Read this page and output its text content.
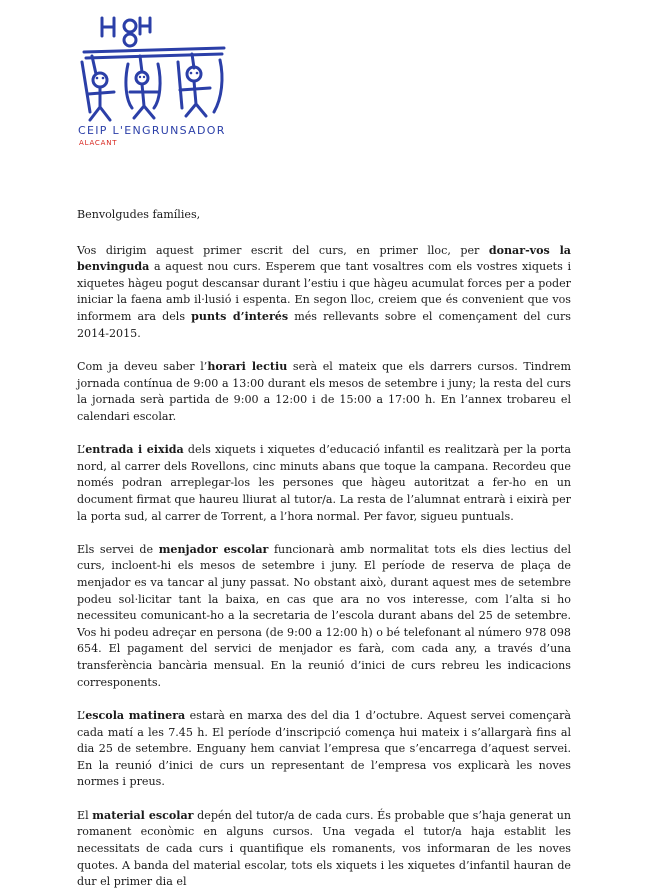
CEIP L'ENGRUNSADOR
ALACANT

Benvolgudes famílies,

Vos dirigim aquest primer escrit del curs, en primer lloc, per donar-vos la benvinguda a aquest nou curs. Esperem que tant vosaltres com els vostres xiquets i xiquetes hàgeu pogut descansar durant l’estiu i que hàgeu acumulat forces per a poder iniciar la faena amb il·lusió i espenta. En segon lloc, creiem que és convenient que vos informem ara dels punts d’interés més rellevants sobre el començament del curs 2014-2015.

Com ja deveu saber l’horari lectiu serà el mateix que els darrers cursos. Tindrem jornada contínua de 9:00 a 13:00 durant els mesos de setembre i juny; la resta del curs la jornada serà partida de 9:00 a 12:00 i de 15:00 a 17:00 h. En l’annex trobareu el calendari escolar.

L’entrada i eixida dels xiquets i xiquetes d’educació infantil es realitzarà per la porta nord, al carrer dels Rovellons, cinc minuts abans que toque la campana. Recordeu que només podran arreplegar-los les persones que hàgeu autoritzat a fer-ho en un document firmat que haureu lliurat al tutor/a. La resta de l’alumnat entrarà i eixirà per la porta sud, al carrer de Torrent, a l’hora normal. Per favor, sigueu puntuals.

Els servei de menjador escolar funcionarà amb normalitat tots els dies lectius del curs, incloent-hi els mesos de setembre i juny. El període de reserva de plaça de menjador es va tancar al juny passat. No obstant això, durant aquest mes de setembre podeu sol·licitar tant la baixa, en cas que ara no vos interesse, com l’alta si ho necessiteu comunicant-ho a la secretaria de l’escola durant abans del 25 de setembre. Vos hi podeu adreçar en persona (de 9:00 a 12:00 h) o bé telefonant al número 978 098 654. El pagament del servici de menjador es farà, com cada any, a través d’una transferència bancària mensual. En la reunió d’inici de curs rebreu les indicacions corresponents.

L’escola matinera estarà en marxa des del dia 1 d’octubre. Aquest servei començarà cada matí a les 7.45 h. El període d’inscripció comença hui mateix i s’allargarà fins al dia 25 de setembre. Enguany hem canviat l’empresa que s’encarrega d’aquest servei. En la reunió d’inici de curs un representant de l’empresa vos explicarà les noves normes i preus.

El material escolar depén del tutor/a de cada curs. És probable que s’haja generat un romanent econòmic en alguns cursos. Una vegada el tutor/a haja establit les necessitats de cada curs i quantifique els romanents, vos informaran de les noves quotes. A banda del material escolar, tots els xiquets i les xiquetes d’infantil hauran de dur el primer dia el
